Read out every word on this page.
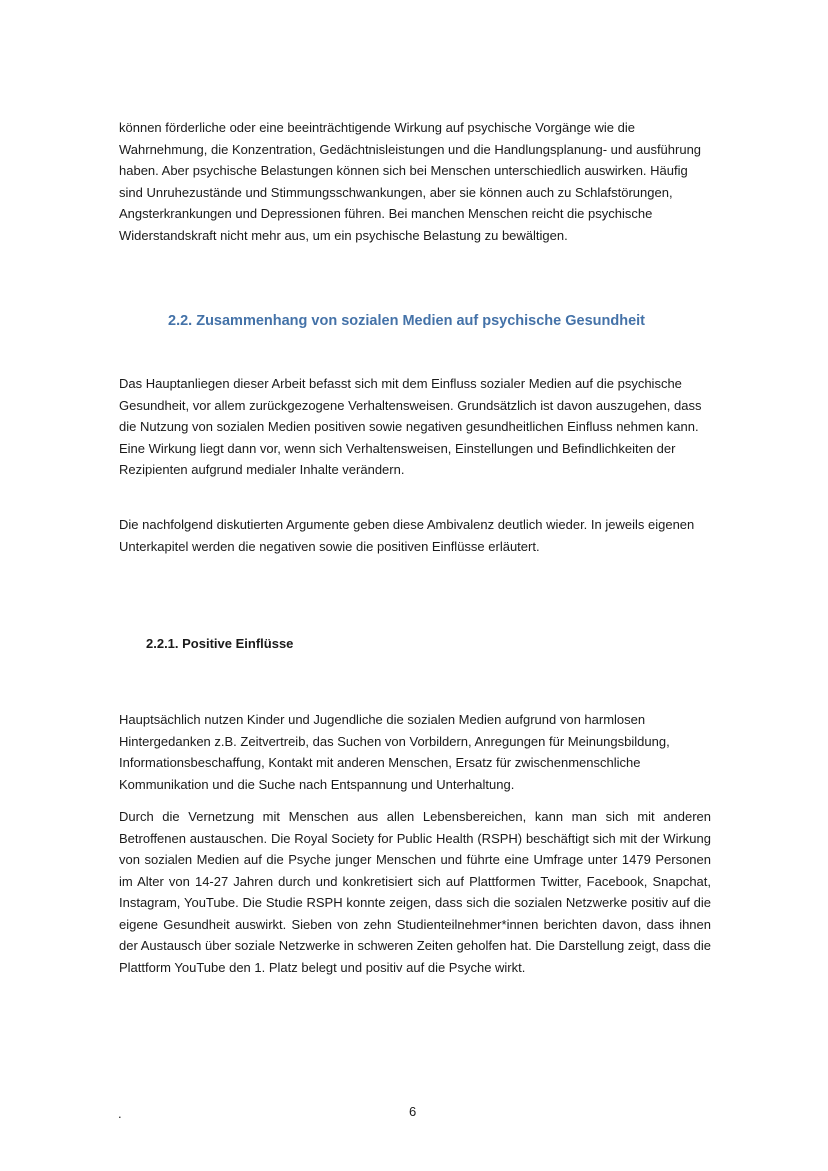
können förderliche oder eine beeinträchtigende Wirkung auf psychische Vorgänge wie die Wahrnehmung, die Konzentration, Gedächtnisleistungen und die Handlungsplanung- und ausführung haben. Aber psychische Belastungen können sich bei Menschen unterschiedlich auswirken. Häufig sind Unruhezustände und Stimmungsschwankungen, aber sie können auch zu Schlafstörungen, Angsterkrankungen und Depressionen führen. Bei manchen Menschen reicht die psychische Widerstandskraft nicht mehr aus, um ein psychische Belastung zu bewältigen.

2.2. Zusammenhang von sozialen Medien auf psychische Gesundheit

Das Hauptanliegen dieser Arbeit befasst sich mit dem Einfluss sozialer Medien auf die psychische Gesundheit, vor allem zurückgezogene Verhaltensweisen. Grundsätzlich ist davon auszugehen, dass die Nutzung von sozialen Medien positiven sowie negativen gesundheitlichen Einfluss nehmen kann. Eine Wirkung liegt dann vor, wenn sich Verhaltensweisen, Einstellungen und Befindlichkeiten der Rezipienten aufgrund medialer Inhalte verändern.

Die nachfolgend diskutierten Argumente geben diese Ambivalenz deutlich wieder. In jeweils eigenen Unterkapitel werden die negativen sowie die positiven Einflüsse erläutert.

2.2.1. Positive Einflüsse

Hauptsächlich nutzen Kinder und Jugendliche die sozialen Medien aufgrund von harmlosen Hintergedanken z.B. Zeitvertreib, das Suchen von Vorbildern, Anregungen für Meinungsbildung, Informationsbeschaffung, Kontakt mit anderen Menschen, Ersatz für zwischenmenschliche Kommunikation und die Suche nach Entspannung und Unterhaltung.

Durch die Vernetzung mit Menschen aus allen Lebensbereichen, kann man sich mit anderen Betroffenen austauschen. Die Royal Society for Public Health (RSPH) beschäftigt sich mit der Wirkung von sozialen Medien auf die Psyche junger Menschen und führte eine Umfrage unter 1479 Personen im Alter von 14-27 Jahren durch und konkretisiert sich auf Plattformen Twitter, Facebook, Snapchat, Instagram, YouTube. Die Studie RSPH konnte zeigen, dass sich die sozialen Netzwerke positiv auf die eigene Gesundheit auswirkt. Sieben von zehn Studienteilnehmer*innen berichten davon, dass ihnen der Austausch über soziale Netzwerke in schweren Zeiten geholfen hat. Die Darstellung zeigt, dass die Plattform YouTube den 1. Platz belegt und positiv auf die Psyche wirkt.

.	6
